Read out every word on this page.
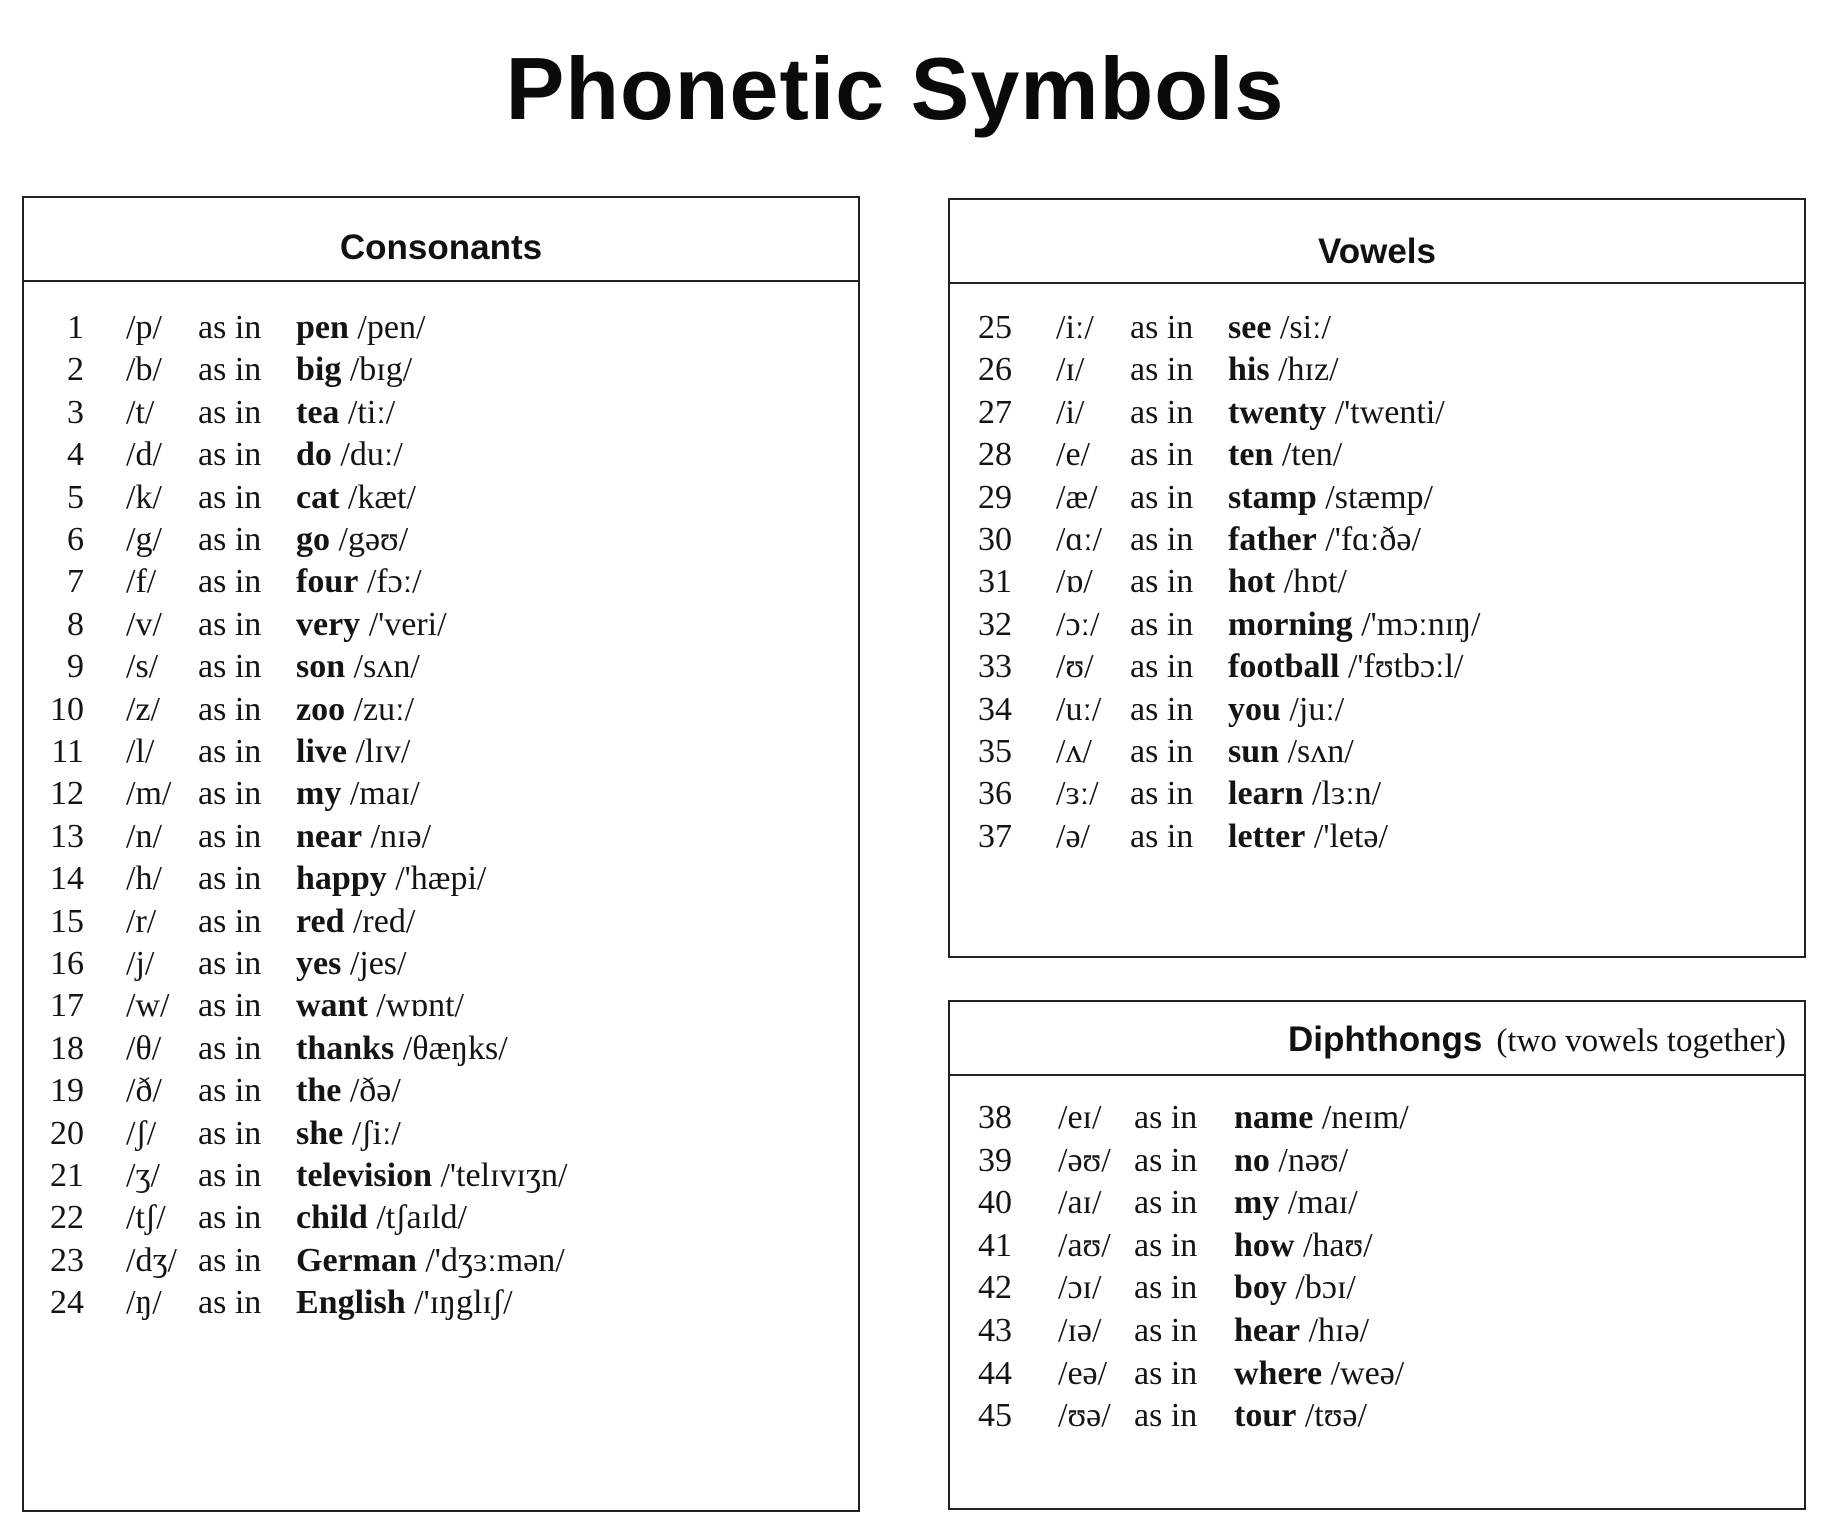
Phonetic Symbols
Consonants
1 /p/ as in pen /pen/
2 /b/ as in big /bɪg/
3 /t/ as in tea /tiː/
4 /d/ as in do /duː/
5 /k/ as in cat /kæt/
6 /g/ as in go /gəʊ/
7 /f/ as in four /fɔː/
8 /v/ as in very /'veri/
9 /s/ as in son /sʌn/
10 /z/ as in zoo /zuː/
11 /l/ as in live /lɪv/
12 /m/ as in my /maɪ/
13 /n/ as in near /nɪə/
14 /h/ as in happy /'hæpi/
15 /r/ as in red /red/
16 /j/ as in yes /jes/
17 /w/ as in want /wɒnt/
18 /θ/ as in thanks /θæŋks/
19 /ð/ as in the /ðə/
20 /ʃ/ as in she /ʃiː/
21 /ʒ/ as in television /'telɪvɪʒn/
22 /tʃ/ as in child /tʃaɪld/
23 /dʒ/ as in German /'dʒɜːmən/
24 /ŋ/ as in English /'ɪŋglɪʃ/
Vowels
25 /iː/ as in see /siː/
26 /ɪ/ as in his /hɪz/
27 /i/ as in twenty /'twenti/
28 /e/ as in ten /ten/
29 /æ/ as in stamp /stæmp/
30 /ɑː/ as in father /'fɑːðə/
31 /ɒ/ as in hot /hɒt/
32 /ɔː/ as in morning /'mɔːnɪŋ/
33 /ʊ/ as in football /'fʊtbɔːl/
34 /uː/ as in you /juː/
35 /ʌ/ as in sun /sʌn/
36 /ɜː/ as in learn /lɜːn/
37 /ə/ as in letter /'letə/
Diphthongs (two vowels together)
38 /eɪ/ as in name /neɪm/
39 /əʊ/ as in no /nəʊ/
40 /aɪ/ as in my /maɪ/
41 /aʊ/ as in how /haʊ/
42 /ɔɪ/ as in boy /bɔɪ/
43 /ɪə/ as in hear /hɪə/
44 /eə/ as in where /weə/
45 /ʊə/ as in tour /tʊə/
